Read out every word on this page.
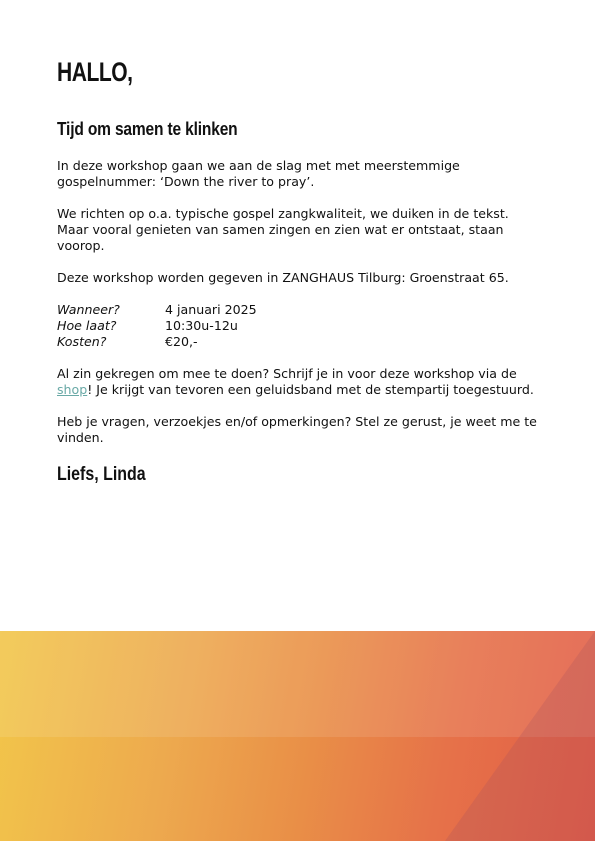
HALLO,
Tijd om samen te klinken

In deze workshop gaan we aan de slag met met meerstemmige gospelnummer: ‘Down the river to pray’.

We richten op o.a. typische gospel zangkwaliteit, we duiken in de tekst. Maar vooral genieten van samen zingen en zien wat er ontstaat, staan voorop.

Deze workshop worden gegeven in ZANGHAUS Tilburg: Groenstraat 65.

Wanneer?	4 januari 2025
Hoe laat?	10:30u-12u
Kosten?	€20,-

Al zin gekregen om mee te doen? Schrijf je in voor deze workshop via de shop! Je krijgt van tevoren een geluidsband met de stempartij toegestuurd.

Heb je vragen, verzoekjes en/of opmerkingen? Stel ze gerust, je weet me te vinden.

Liefs, Linda
